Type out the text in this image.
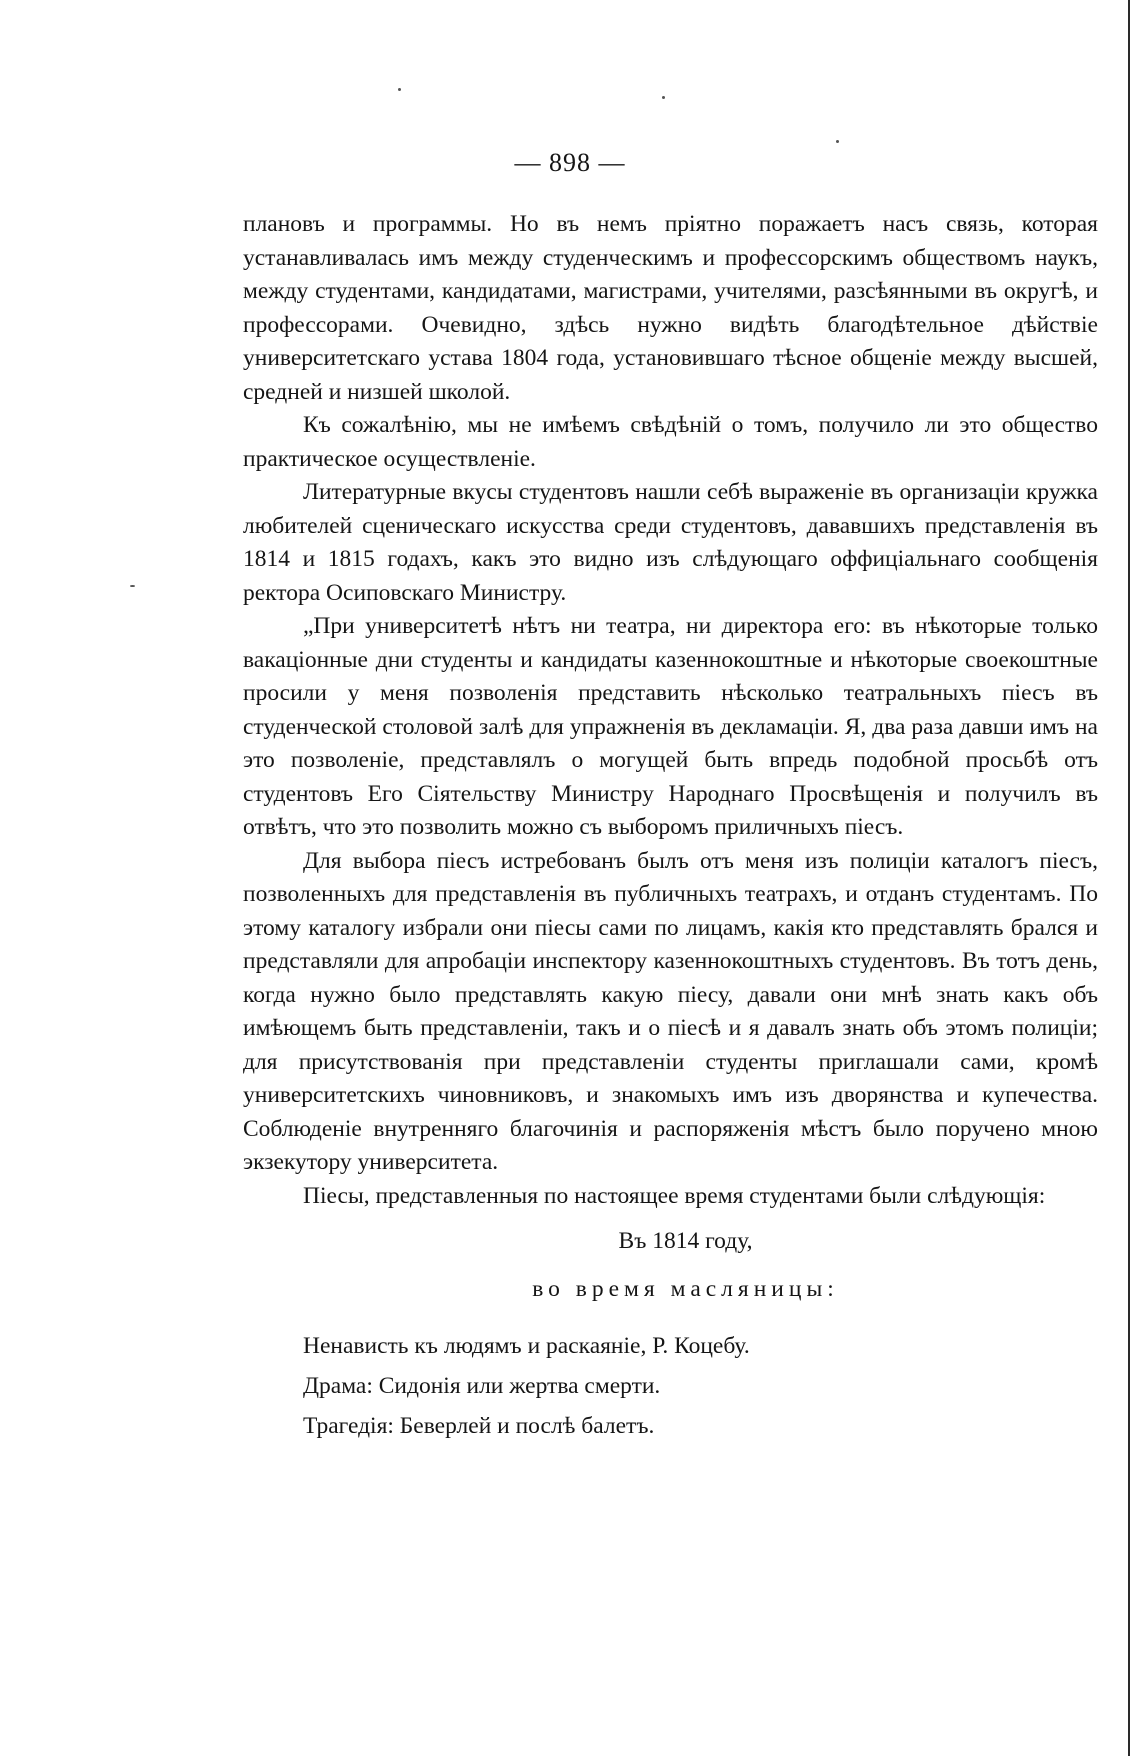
— 898 —

плановъ и программы. Но въ немъ пріятно поражаетъ насъ связь, которая устанавливалась имъ между студенческимъ и профессорскимъ обществомъ наукъ, между студентами, кандидатами, магистрами, учителями, разсѣянными въ округѣ, и профессорами. Очевидно, здѣсь нужно видѣть благодѣтельное дѣйствіе университетскаго устава 1804 года, установившаго тѣсное общеніе между высшей, средней и низшей школой.

Къ сожалѣнію, мы не имѣемъ свѣдѣній о томъ, получило ли это общество практическое осуществленіе.

Литературные вкусы студентовъ нашли себѣ выраженіе въ организаціи кружка любителей сценическаго искусства среди студентовъ, дававшихъ представленія въ 1814 и 1815 годахъ, какъ это видно изъ слѣдующаго оффиціальнаго сообщенія ректора Осиповскаго Министру.

„При университетѣ нѣтъ ни театра, ни директора его: въ нѣкоторые только вакаціонные дни студенты и кандидаты казеннокоштные и нѣкоторые своекоштные просили у меня позволенія представить нѣсколько театральныхъ піесъ въ студенческой столовой залѣ для упражненія въ декламаціи. Я, два раза давши имъ на это позволеніе, представлялъ о могущей быть впредь подобной просьбѣ отъ студентовъ Его Сіятельству Министру Народнаго Просвѣщенія и получилъ въ отвѣтъ, что это позволить можно съ выборомъ приличныхъ піесъ.

Для выбора піесъ истребованъ былъ отъ меня изъ полиціи каталогъ піесъ, позволенныхъ для представленія въ публичныхъ театрахъ, и отданъ студентамъ. По этому каталогу избрали они піесы сами по лицамъ, какія кто представлять брался и представляли для апробаціи инспектору казеннокоштныхъ студентовъ. Въ тотъ день, когда нужно было представлять какую піесу, давали они мнѣ знать какъ объ имѣющемъ быть представленіи, такъ и о піесѣ и я давалъ знать объ этомъ полиціи; для присутствованія при представленіи студенты приглашали сами, кромѣ университетскихъ чиновниковъ, и знакомыхъ имъ изъ дворянства и купечества. Соблюденіе внутренняго благочинія и распоряженія мѣстъ было поручено мною экзекутору университета.

Піесы, представленныя по настоящее время студентами были слѣдующія:

Въ 1814 году,

во время масляницы:

Ненависть къ людямъ и раскаяніе, Р. Коцебу.
Драма: Сидонія или жертва смерти.
Трагедія: Беверлей и послѣ балетъ.
